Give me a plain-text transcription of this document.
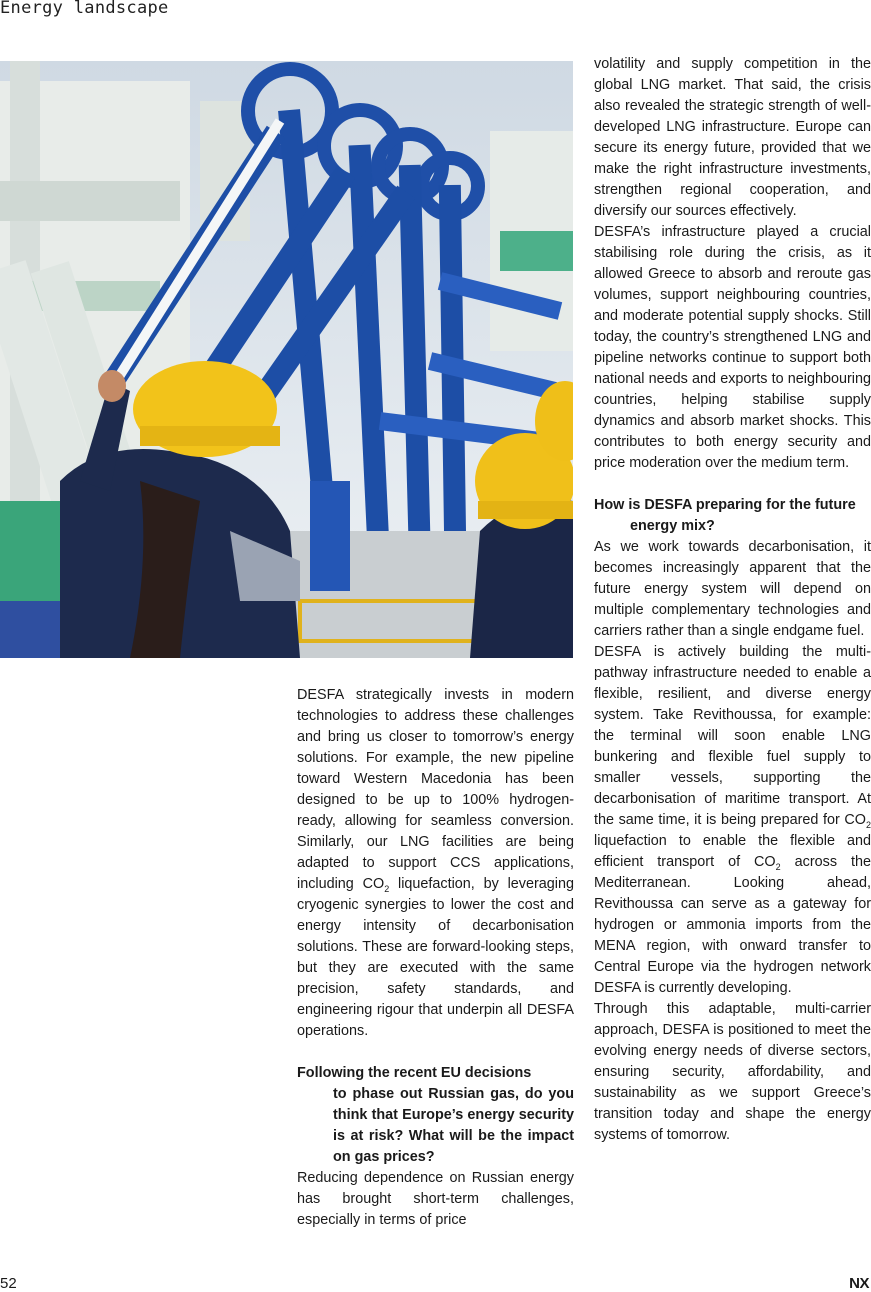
Energy landscape

DESFA strategically invests in modern technologies to address these challenges and bring us closer to tomorrow’s energy solutions. For example, the new pipeline toward Western Macedonia has been designed to be up to 100% hydrogen-ready, allowing for seamless conversion. Similarly, our LNG facilities are being adapted to support CCS applications, including $CO_2$ liquefaction, by leveraging cryogenic synergies to lower the cost and energy intensity of decarbonisation solutions. These are forward-looking steps, but they are executed with the same precision, safety standards, and engineering rigour that underpin all DESFA operations.

Following the recent EU decisions
to phase out Russian gas, do you think that Europe’s energy security is at risk? What will be the impact on gas prices?

Reducing dependence on Russian energy has brought short-term challenges, especially in terms of price

volatility and supply competition in the global LNG market. That said, the crisis also revealed the strategic strength of well-developed LNG infrastructure. Europe can secure its energy future, provided that we make the right infrastructure investments, strengthen regional cooperation, and diversify our sources effectively.

DESFA’s infrastructure played a crucial stabilising role during the crisis, as it allowed Greece to absorb and reroute gas volumes, support neighbouring countries, and moderate potential supply shocks. Still today, the country’s strengthened LNG and pipeline networks continue to support both national needs and exports to neighbouring countries, helping stabilise supply dynamics and absorb market shocks. This contributes to both energy security and price moderation over the medium term.

How is DESFA preparing for the future
energy mix?

As we work towards decarbonisation, it becomes increasingly apparent that the future energy system will depend on multiple complementary technologies and carriers rather than a single endgame fuel.

DESFA is actively building the multi-pathway infrastructure needed to enable a flexible, resilient, and diverse energy system. Take Revithoussa, for example: the terminal will soon enable LNG bunkering and flexible fuel supply to smaller vessels, supporting the decarbonisation of maritime transport. At the same time, it is being prepared for $CO_2$ liquefaction to enable the flexible and efficient transport of $CO_2$ across the Mediterranean. Looking ahead, Revithoussa can serve as a gateway for hydrogen or ammonia imports from the MENA region, with onward transfer to Central Europe via the hydrogen network DESFA is currently developing.

Through this adaptable, multi-carrier approach, DESFA is positioned to meet the evolving energy needs of diverse sectors, ensuring security, affordability, and sustainability as we support Greece’s transition today and shape the energy systems of tomorrow.

52	NX
